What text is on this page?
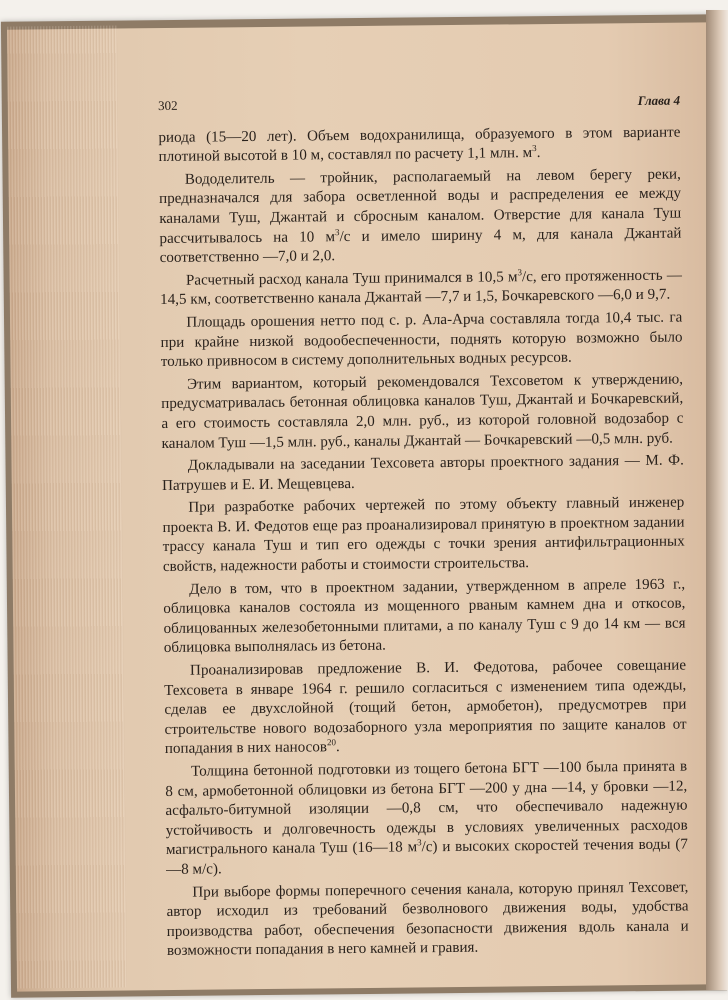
302	Глава 4

риода (15—20 лет). Объем водохранилища, образуемого в этом варианте плотиной высотой в 10 м, составлял по расчету 1,1 млн. $м^3$.

Вододелитель — тройник, располагаемый на левом берегу реки, предназначался для забора осветленной воды и распределения ее между каналами Туш, Джантай и сбросным каналом. Отверстие для канала Туш рассчитывалось на 10 $м^3/с$ и имело ширину 4 м, для канала Джантай соответственно —7,0 и 2,0.

Расчетный расход канала Туш принимался в 10,5 $м^3/с$, его протяженность —14,5 км, соответственно канала Джантай —7,7 и 1,5, Бочкаревского —6,0 и 9,7.

Площадь орошения нетто под с. р. Ала-Арча составляла тогда 10,4 тыс. га при крайне низкой водообеспеченности, поднять которую возможно было только привносом в систему дополнительных водных ресурсов.

Этим вариантом, который рекомендовался Техсоветом к утверждению, предусматривалась бетонная облицовка каналов Туш, Джантай и Бочкаревский, а его стоимость составляла 2,0 млн. руб., из которой головной водозабор с каналом Туш —1,5 млн. руб., каналы Джантай — Бочкаревский —0,5 млн. руб.

Докладывали на заседании Техсовета авторы проектного задания — М. Ф. Патрушев и Е. И. Мещевцева.

При разработке рабочих чертежей по этому объекту главный инженер проекта В. И. Федотов еще раз проанализировал принятую в проектном задании трассу канала Туш и тип его одежды с точки зрения антифильтрационных свойств, надежности работы и стоимости строительства.

Дело в том, что в проектном задании, утвержденном в апреле 1963 г., облицовка каналов состояла из мощенного рваным камнем дна и откосов, облицованных железобетонными плитами, а по каналу Туш с 9 до 14 км — вся облицовка выполнялась из бетона.

Проанализировав предложение В. И. Федотова, рабочее совещание Техсовета в январе 1964 г. решило согласиться с изменением типа одежды, сделав ее двухслойной (тощий бетон, армобетон), предусмотрев при строительстве нового водозаборного узла мероприятия по защите каналов от попадания в них наносов$^{20}$.

Толщина бетонной подготовки из тощего бетона БГТ —100 была принята в 8 см, армобетонной облицовки из бетона БГТ —200 у дна —14, у бровки —12, асфальто-битумной изоляции —0,8 см, что обеспечивало надежную устойчивость и долговечность одежды в условиях увеличенных расходов магистрального канала Туш (16—18 $м^3/с$) и высоких скоростей течения воды (7—8 м/с).

При выборе формы поперечного сечения канала, которую принял Техсовет, автор исходил из требований безволнового движения воды, удобства производства работ, обеспечения безопасности движения вдоль канала и возможности попадания в него камней и гравия.
